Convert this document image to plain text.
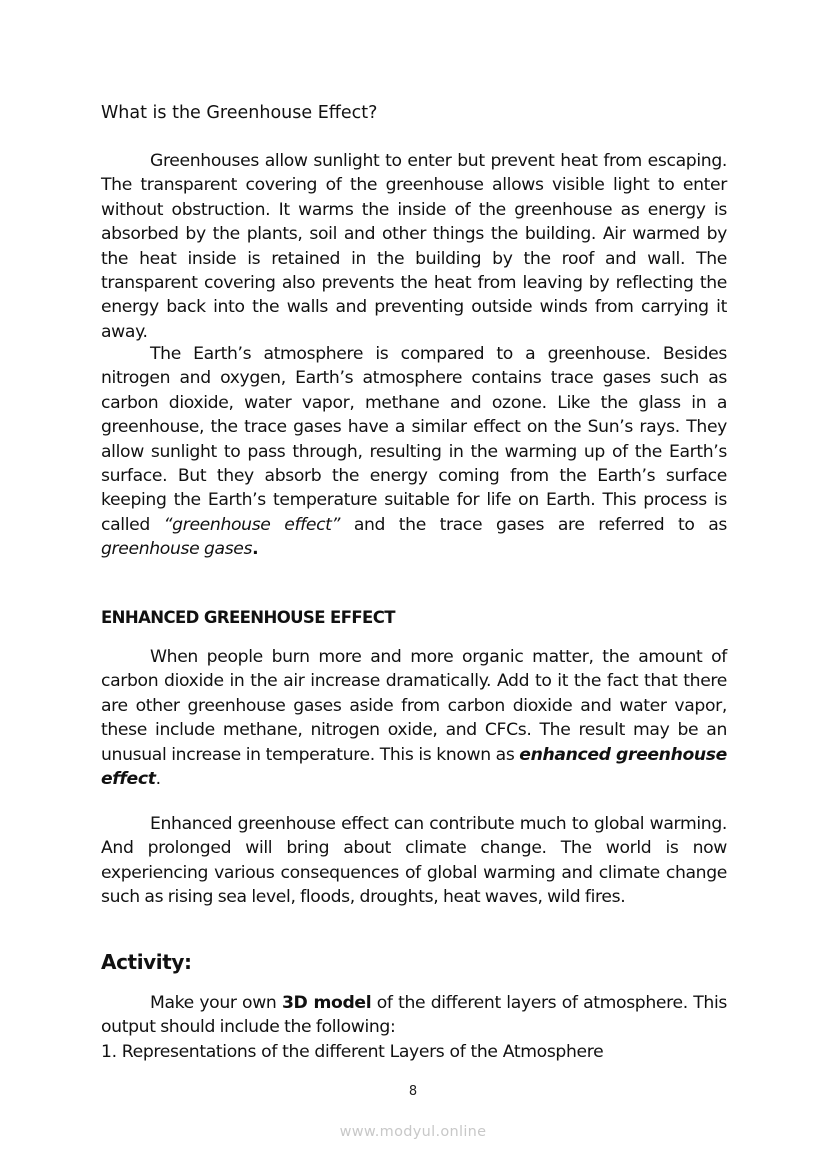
What is the Greenhouse Effect?

Greenhouses allow sunlight to enter but prevent heat from escaping. The transparent covering of the greenhouse allows visible light to enter without obstruction. It warms the inside of the greenhouse as energy is absorbed by the plants, soil and other things the building. Air warmed by the heat inside is retained in the building by the roof and wall. The transparent covering also prevents the heat from leaving by reflecting the energy back into the walls and preventing outside winds from carrying it away.

The Earth’s atmosphere is compared to a greenhouse. Besides nitrogen and oxygen, Earth’s atmosphere contains trace gases such as carbon dioxide, water vapor, methane and ozone. Like the glass in a greenhouse, the trace gases have a similar effect on the Sun’s rays. They allow sunlight to pass through, resulting in the warming up of the Earth’s surface. But they absorb the energy coming from the Earth’s surface keeping the Earth’s temperature suitable for life on Earth. This process is called “greenhouse effect” and the trace gases are referred to as greenhouse gases.

ENHANCED GREENHOUSE EFFECT

When people burn more and more organic matter, the amount of carbon dioxide in the air increase dramatically. Add to it the fact that there are other greenhouse gases aside from carbon dioxide and water vapor, these include methane, nitrogen oxide, and CFCs. The result may be an unusual increase in temperature. This is known as enhanced greenhouse effect.

Enhanced greenhouse effect can contribute much to global warming. And prolonged will bring about climate change. The world is now experiencing various consequences of global warming and climate change such as rising sea level, floods, droughts, heat waves, wild fires.

Activity:

Make your own 3D model of the different layers of atmosphere. This output should include the following:

1. Representations of the different Layers of the Atmosphere
8
www.modyul.online
